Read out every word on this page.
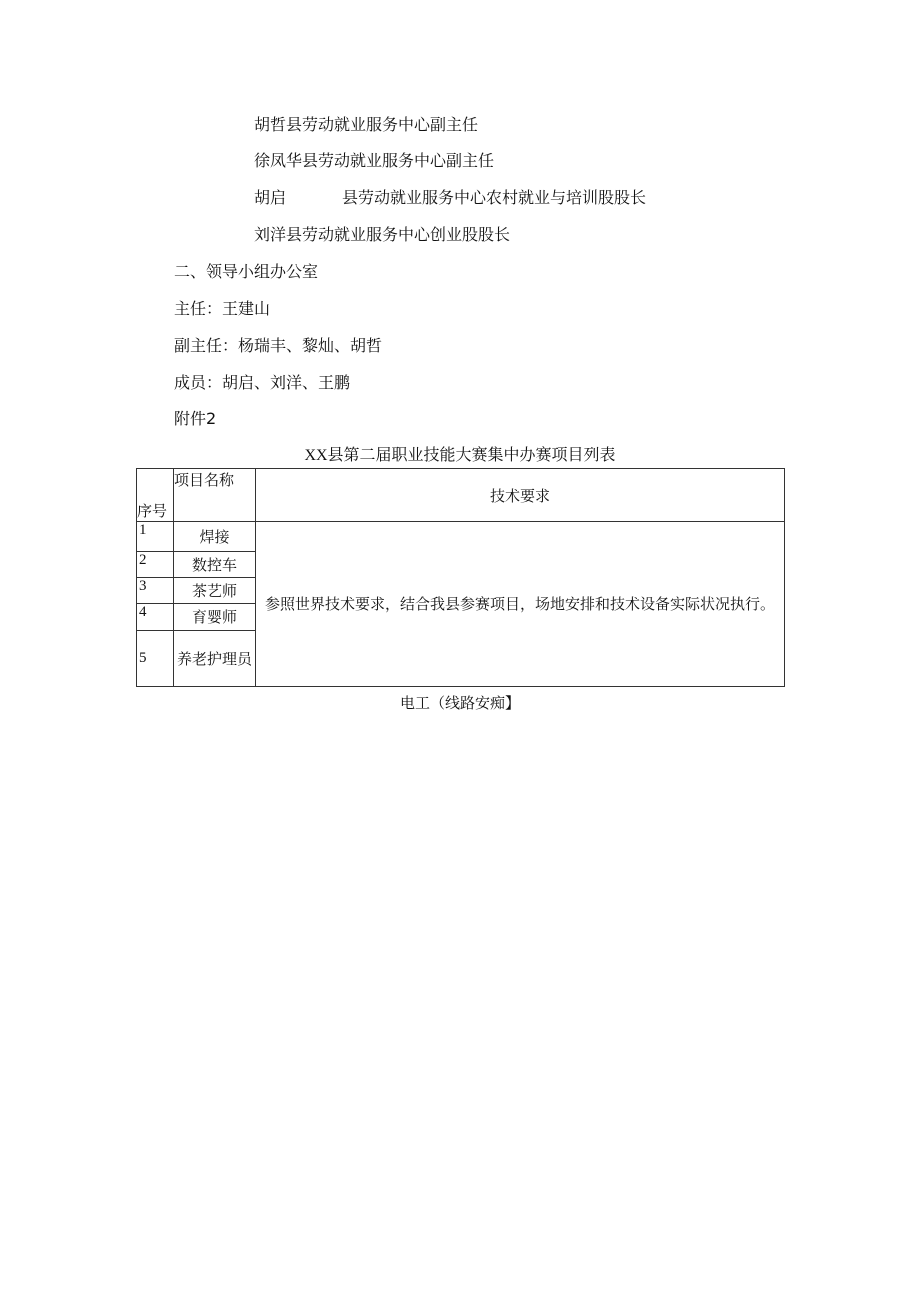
胡哲县劳动就业服务中心副主任
徐凤华县劳动就业服务中心副主任
胡启	县劳动就业服务中心农村就业与培训股股长
刘洋县劳动就业服务中心创业股股长
二、领导小组办公室
主任：王建山
副主任：杨瑞丰、黎灿、胡哲
成员：胡启、刘洋、王鹏
附件2
XX县第二届职业技能大赛集中办赛项目列表
序号	项目名称	技术要求
1	焊接	参照世界技术要求，结合我县参赛项目，场地安排和技术设备实际状况执行。
2	数控车	
3	茶艺师	
4	育婴师	
5	养老护理员	
电工（线路安痴】
